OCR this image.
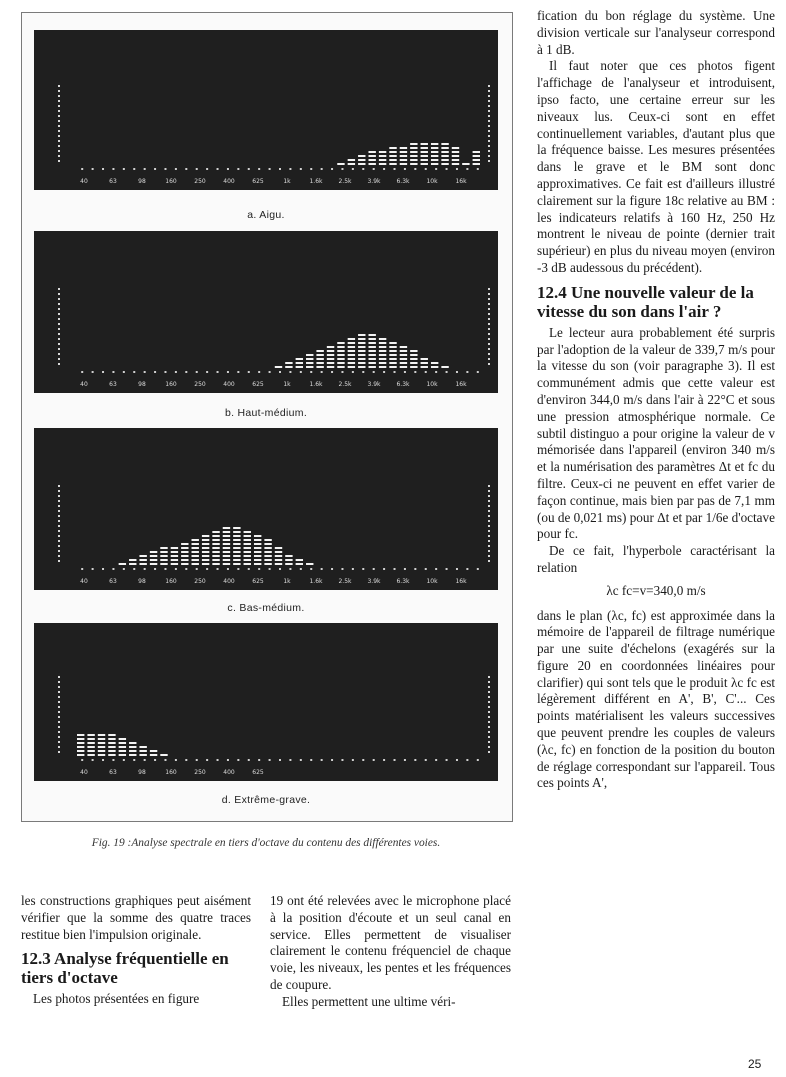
40	63	98	160	250	400	625	1k	1.6k	2.5k	3.9k	6.3k	10k	16k
a. Aigu.
40	63	98	160	250	400	625	1k	1.6k	2.5k	3.9k	6.3k	10k	16k
b. Haut-médium.
40	63	98	160	250	400	625	1k	1.6k	2.5k	3.9k	6.3k	10k	16k
c. Bas-médium.
40	63	98	160	250	400	625
d. Extrême-grave.
Fig. 19 :Analyse spectrale en tiers d'octave du contenu des différentes voies.

les constructions graphiques peut aisément vérifier que la somme des quatre traces restitue bien l'impulsion originale.

12.3 Analyse fréquentielle en tiers d'octave

Les photos présentées en figure

19 ont été relevées avec le microphone placé à la position d'écoute et un seul canal en service. Elles permettent de visualiser clairement le contenu fréquenciel de chaque voie, les niveaux, les pentes et les fréquences de coupure.

Elles permettent une ultime véri-

fication du bon réglage du système. Une division verticale sur l'analyseur correspond à 1 dB.

Il faut noter que ces photos figent l'affichage de l'analyseur et introduisent, ipso facto, une certaine erreur sur les niveaux lus. Ceux-ci sont en effet continuellement variables, d'autant plus que la fréquence baisse. Les mesures présentées dans le grave et le BM sont donc approximatives. Ce fait est d'ailleurs illustré clairement sur la figure 18c relative au BM : les indicateurs relatifs à 160 Hz, 250 Hz montrent le niveau de pointe (dernier trait supérieur) en plus du niveau moyen (environ -3 dB audessous du précédent).

12.4 Une nouvelle valeur de la vitesse du son dans l'air ?

Le lecteur aura probablement été surpris par l'adoption de la valeur de 339,7 m/s pour la vitesse du son (voir paragraphe 3). Il est communément admis que cette valeur est d'environ 344,0 m/s dans l'air à 22°C et sous une pression atmosphérique normale. Ce subtil distinguo a pour origine la valeur de v mémorisée dans l'appareil (environ 340 m/s et la numérisation des paramètres Δt et fc du filtre. Ceux-ci ne peuvent en effet varier de façon continue, mais bien par pas de 7,1 mm (ou de 0,021 ms) pour Δt et par 1/6e d'octave pour fc.

De ce fait, l'hyperbole caractérisant la relation

λc fc=v=340,0 m/s

dans le plan (λc, fc) est approximée dans la mémoire de l'appareil de filtrage numérique par une suite d'échelons (exagérés sur la figure 20 en coordonnées linéaires pour clarifier) qui sont tels que le produit λc fc est légèrement différent en A', B', C'... Ces points matérialisent les valeurs successives que peuvent prendre les couples de valeurs (λc, fc) en fonction de la position du bouton de réglage correspondant sur l'appareil. Tous ces points A',

25
